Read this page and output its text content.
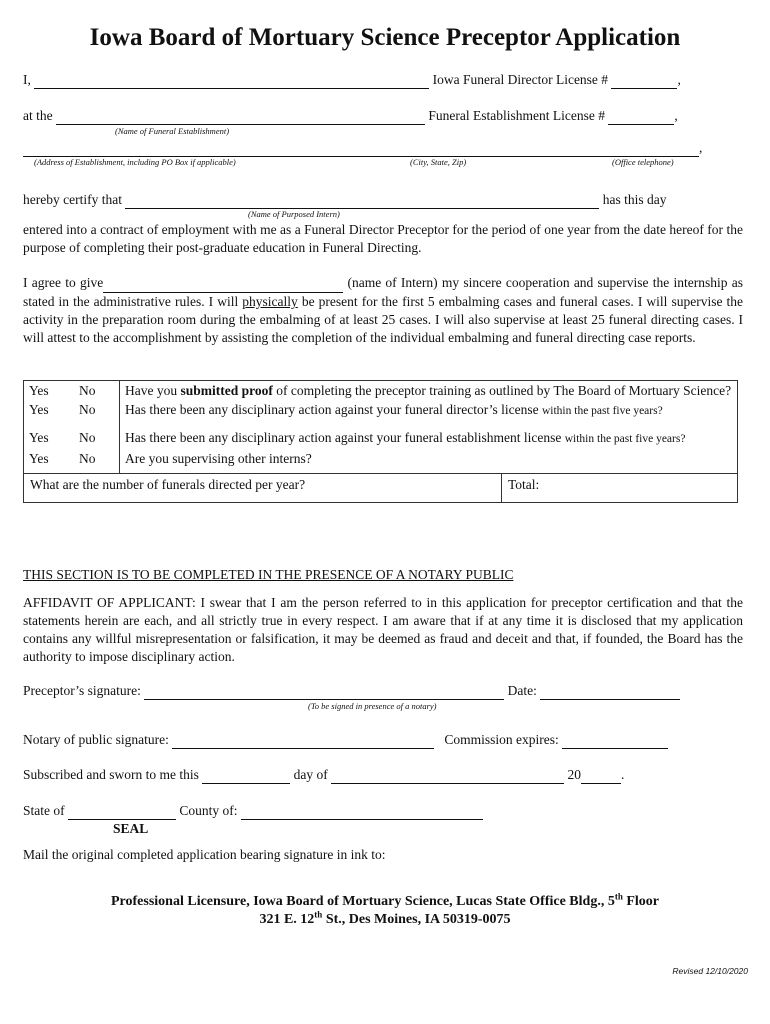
Iowa Board of Mortuary Science Preceptor Application
I,	Iowa Funeral Director License #	,
at the	Funeral Establishment License #	,
(Name of Funeral Establishment)
,
(Address of Establishment, including PO Box if applicable)	(City, State, Zip)	(Office telephone)
hereby certify that	has this day
(Name of Purposed Intern)
entered into a contract of employment with me as a Funeral Director Preceptor for the period of one year from the date hereof for the purpose of completing their post-graduate education in Funeral Directing.
I agree to give	(name of Intern) my sincere cooperation and supervise the internship as stated in the administrative rules. I will physically be present for the first 5 embalming cases and funeral cases. I will supervise the activity in the preparation room during the embalming of at least 25 cases. I will also supervise at least 25 funeral directing cases. I will attest to the accomplishment by assisting the completion of the individual embalming and funeral directing case reports.
Yes	No	Have you submitted proof of completing the preceptor training as outlined by The Board of Mortuary Science?
Yes	No	Has there been any disciplinary action against your funeral director’s license within the past five years?
Yes	No	Has there been any disciplinary action against your funeral establishment license within the past five years?
Yes	No	Are you supervising other interns?

What are the number of funerals directed per year? Total:		
THIS SECTION IS TO BE COMPLETED IN THE PRESENCE OF A NOTARY PUBLIC
AFFIDAVIT OF APPLICANT: I swear that I am the person referred to in this application for preceptor certification and that the statements herein are each, and all strictly true in every respect. I am aware that if at any time it is disclosed that my application contains any willful misrepresentation or falsification, it may be deemed as fraud and deceit and that, if founded, the Board has the authority to impose disciplinary action.
Preceptor’s signature:	Date:
(To be signed in presence of a notary)
Notary of public signature:	Commission expires:
Subscribed and sworn to me this	day of	20	.
State of	County of:
SEAL
Mail the original completed application bearing signature in ink to:
Professional Licensure, Iowa Board of Mortuary Science, Lucas State Office Bldg., 5th Floor
321 E. 12th St., Des Moines, IA 50319-0075
Revised 12/10/2020
